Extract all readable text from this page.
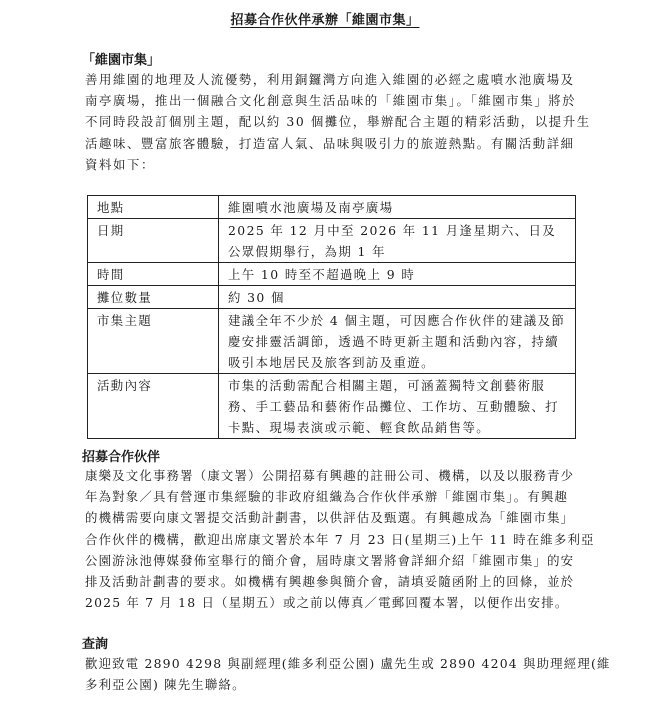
招募合作伙伴承辦「維園市集」
「維園市集」
善用維園的地理及人流優勢，利用銅鑼灣方向進入維園的必經之處噴水池廣場及
南亭廣場，推出一個融合文化創意與生活品味的「維園市集」。「維園市集」將於
不同時段設訂個別主題，配以約 30 個攤位，舉辦配合主題的精彩活動，以提升生
活趣味、豐富旅客體驗，打造富人氣、品味與吸引力的旅遊熱點。有關活動詳細
資料如下：
地點	維園噴水池廣場及南亭廣場
日期	2025 年 12 月中至 2026 年 11 月逢星期六、日及公眾假期舉行，為期 1 年
時間	上午 10 時至不超過晚上 9 時
攤位數量	約 30 個
市集主題	建議全年不少於 4 個主題，可因應合作伙伴的建議及節慶安排靈活調節，透過不時更新主題和活動內容，持續吸引本地居民及旅客到訪及重遊。
活動內容	市集的活動需配合相關主題，可涵蓋獨特文創藝術服務、手工藝品和藝術作品攤位、工作坊、互動體驗、打卡點、現場表演或示範、輕食飲品銷售等。
招募合作伙伴
康樂及文化事務署（康文署）公開招募有興趣的註冊公司、機構，以及以服務青少
年為對象／具有營運市集經驗的非政府組織為合作伙伴承辦「維園市集」。有興趣
的機構需要向康文署提交活動計劃書，以供評估及甄選。有興趣成為「維園市集」
合作伙伴的機構，歡迎出席康文署於本年 7 月 23 日(星期三)上午 11 時在維多利亞
公園游泳池傳媒發佈室舉行的簡介會，屆時康文署將會詳細介紹「維園市集」的安
排及活動計劃書的要求。如機構有興趣參與簡介會，請填妥隨函附上的回條，並於
2025 年 7 月 18 日（星期五）或之前以傳真／電郵回覆本署，以便作出安排。
查詢
歡迎致電 2890 4298 與副經理(維多利亞公園) 盧先生或 2890 4204 與助理經理(維
多利亞公園) 陳先生聯絡。
